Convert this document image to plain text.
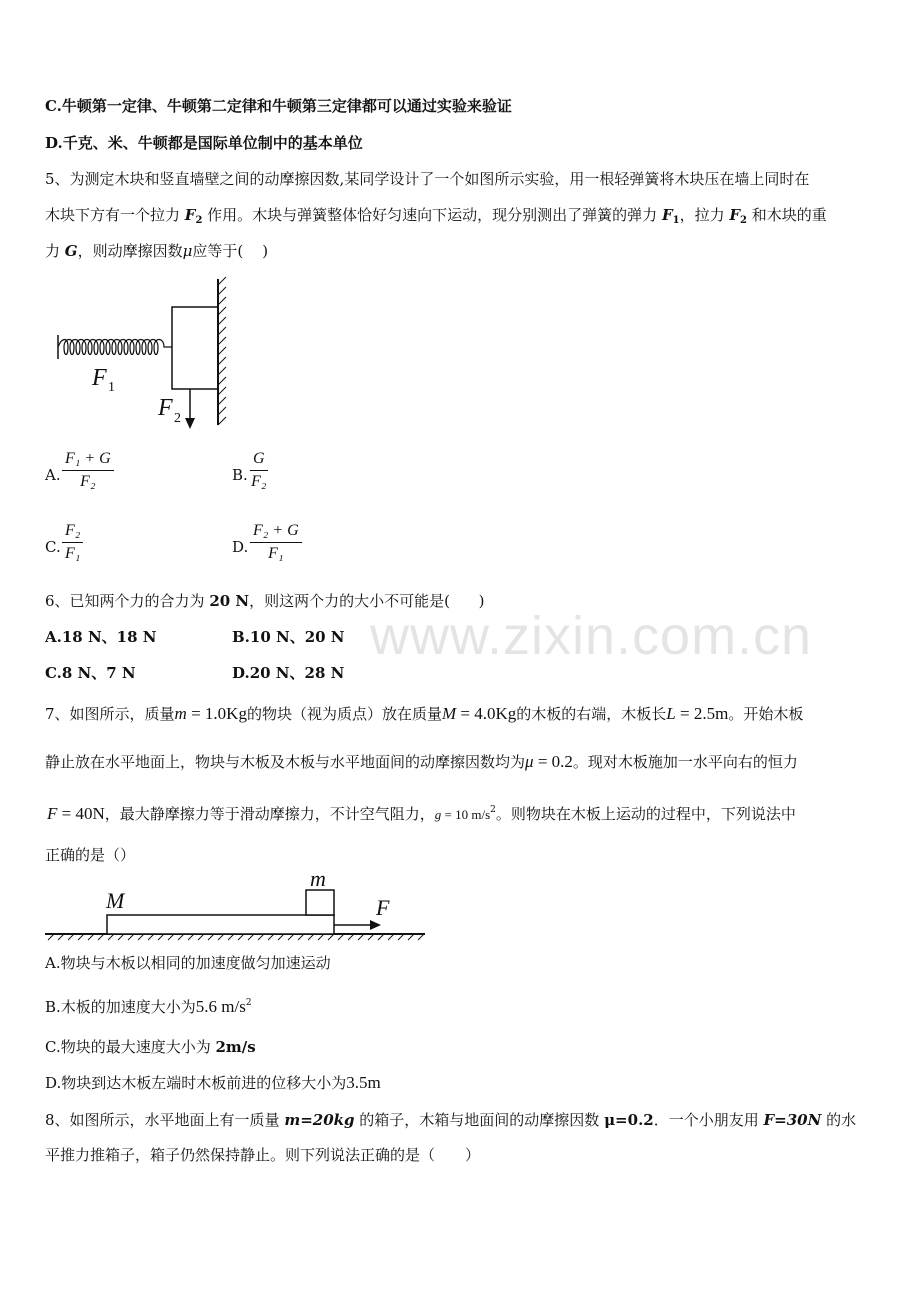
www.zixin.com.cn
C.牛顿第一定律、牛顿第二定律和牛顿第三定律都可以通过实验来验证
D.千克、米、牛顿都是国际单位制中的基本单位
5、为测定木块和竖直墙壁之间的动摩擦因数,某同学设计了一个如图所示实验，用一根轻弹簧将木块压在墙上同时在
木块下方有一个拉力 $F_2$ 作用。木块与弹簧整体恰好匀速向下运动，现分别测出了弹簧的弹力 $F_1$，拉力 $F_2$ 和木块的重
力 G，则动摩擦因数μ应等于( )
F 1
F 2
A. $\frac{\text{F₁ + G}}{\text{F₂}}$	B. $\frac{G}{\text{F₂}}$
C. $\frac{\text{F₂}}{\text{F₁}}$	D. $\frac{\text{F₂ + G}}{\text{F₁}}$
6、已知两个力的合力为 20 N，则这两个力的大小不可能是( )
A.18 N、18 N	B.10 N、20 N
C.8 N、7 N	D.20 N、28 N
7、如图所示，质量m = 1.0Kg的物块（视为质点）放在质量M = 4.0Kg的木板的右端，木板长L = 2.5m。开始木板
静止放在水平地面上，物块与木板及木板与水平地面间的动摩擦因数均为μ = 0.2。现对木板施加一水平向右的恒力
F = 40N，最大静摩擦力等于滑动摩擦力，不计空气阻力，g = 10 $m/s^2$。则物块在木板上运动的过程中，下列说法中
正确的是（）
M
m
F
A.物块与木板以相同的加速度做匀加速运动
B.木板的加速度大小为5.6 $m/s^2$
C.物块的最大速度大小为 2m/s
D.物块到达木板左端时木板前进的位移大小为3.5m
8、如图所示，水平地面上有一质量 m=20kg 的箱子，木箱与地面间的动摩擦因数 μ=0.2．一个小朋友用 F=30N 的水
平推力推箱子，箱子仍然保持静止。则下列说法正确的是（　　）
